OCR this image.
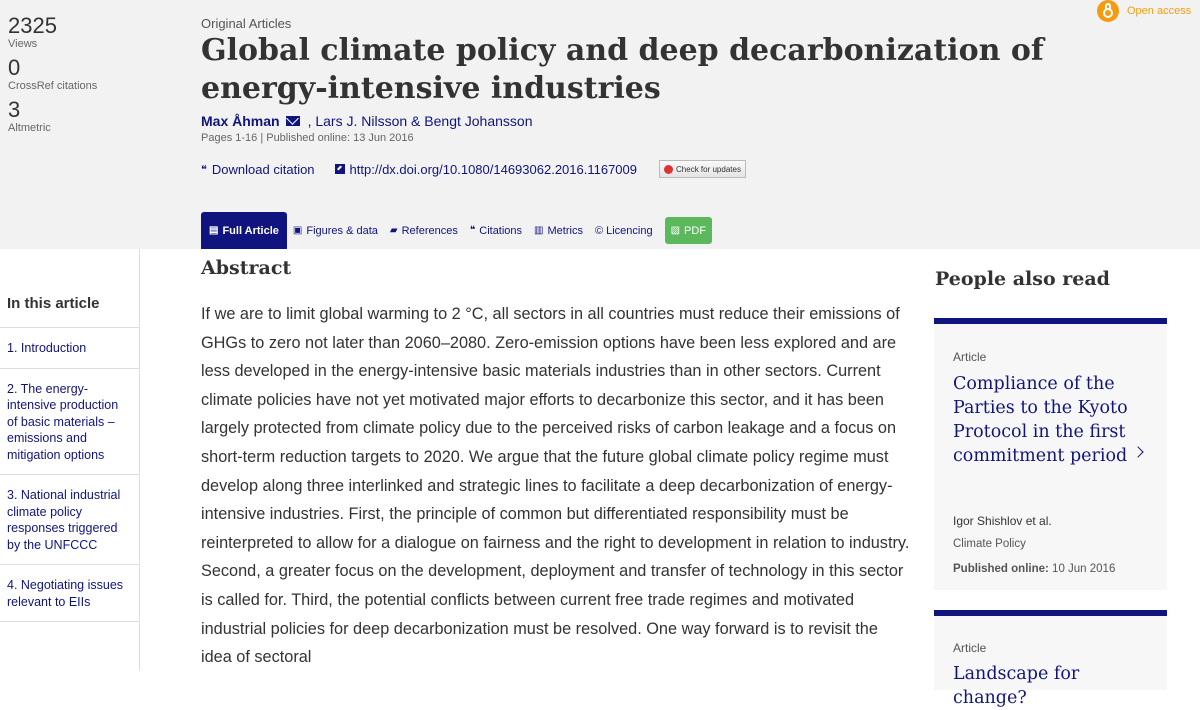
2325
Views
0
CrossRef citations
3
Altmetric
Open access
Original Articles
Global climate policy and deep decarbonization of energy-intensive industries
Max Åhman , Lars J. Nilsson & Bengt Johansson
Pages 1-16 | Published online: 13 Jun 2016
❝ Download citation	http://dx.doi.org/10.1080/14693062.2016.1167009	Check for updates
▤ Full Article ▣ Figures & data ▰ References ❝ Citations ▥ Metrics © Licencing ▧ PDF
In this article
1. Introduction
2. The energy-intensive production of basic materials – emissions and mitigation options
3. National industrial climate policy responses triggered by the UNFCCC
4. Negotiating issues relevant to EIIs
Abstract

If we are to limit global warming to 2 °C, all sectors in all countries must reduce their emissions of GHGs to zero not later than 2060–2080. Zero-emission options have been less explored and are less developed in the energy-intensive basic materials industries than in other sectors. Current climate policies have not yet motivated major efforts to decarbonize this sector, and it has been largely protected from climate policy due to the perceived risks of carbon leakage and a focus on short-term reduction targets to 2020. We argue that the future global climate policy regime must develop along three interlinked and strategic lines to facilitate a deep decarbonization of energy-intensive industries. First, the principle of common but differentiated responsibility must be reinterpreted to allow for a dialogue on fairness and the right to development in relation to industry. Second, a greater focus on the development, deployment and transfer of technology in this sector is called for. Third, the potential conflicts between current free trade regimes and motivated industrial policies for deep decarbonization must be resolved. One way forward is to revisit the idea of sectoral

People also read
Article
Compliance of the Parties to the Kyoto Protocol in the first commitment period
Igor Shishlov et al.
Climate Policy
Published online: 10 Jun 2016
Article
Landscape for change?
